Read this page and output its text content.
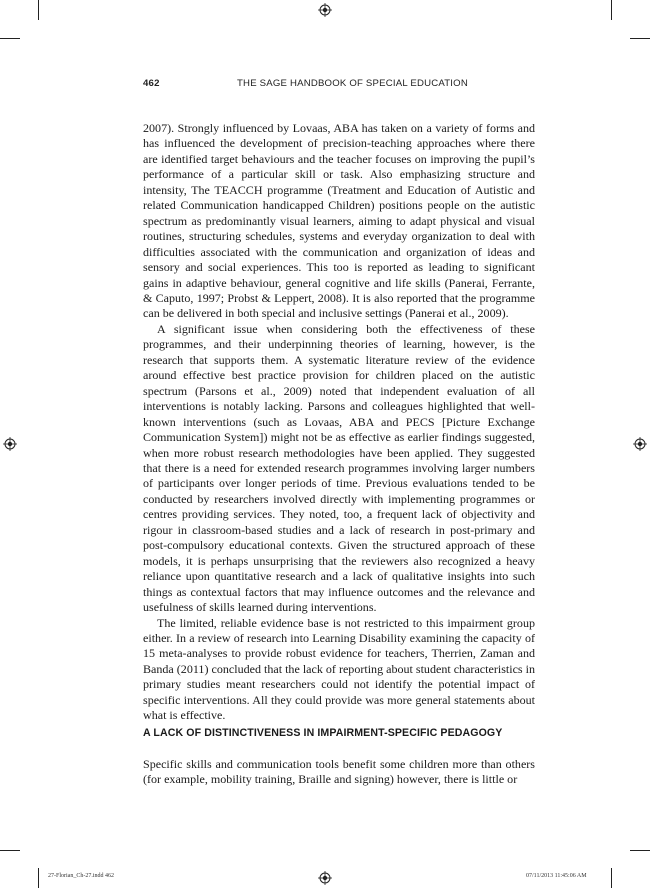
462	THE SAGE HANDBOOK OF SPECIAL EDUCATION

2007). Strongly influenced by Lovaas, ABA has taken on a variety of forms and has influenced the development of precision-teaching approaches where there are identified target behaviours and the teacher focuses on improving the pupil’s performance of a particular skill or task. Also emphasizing structure and intensity, The TEACCH programme (Treatment and Education of Autistic and related Communication handicapped Children) positions people on the autistic spectrum as predominantly visual learners, aiming to adapt physical and visual routines, structuring schedules, systems and everyday organization to deal with difficulties associated with the communication and organization of ideas and sensory and social experiences. This too is reported as leading to significant gains in adaptive behaviour, general cognitive and life skills (Panerai, Ferrante, & Caputo, 1997; Probst & Leppert, 2008). It is also reported that the programme can be delivered in both special and inclusive settings (Panerai et al., 2009).

A significant issue when considering both the effectiveness of these programmes, and their underpinning theories of learning, however, is the research that supports them. A systematic literature review of the evidence around effective best practice provision for children placed on the autistic spectrum (Parsons et al., 2009) noted that independent evaluation of all interventions is notably lacking. Parsons and colleagues highlighted that well-known interventions (such as Lovaas, ABA and PECS [Picture Exchange Communication System]) might not be as effective as earlier findings suggested, when more robust research methodologies have been applied. They suggested that there is a need for extended research programmes involving larger numbers of participants over longer periods of time. Previous evaluations tended to be conducted by researchers involved directly with implementing programmes or centres providing services. They noted, too, a frequent lack of objectivity and rigour in classroom-based studies and a lack of research in post-primary and post-compulsory educational contexts. Given the structured approach of these models, it is perhaps unsurprising that the reviewers also recognized a heavy reliance upon quantitative research and a lack of qualitative insights into such things as contextual factors that may influence outcomes and the relevance and usefulness of skills learned during interventions.

The limited, reliable evidence base is not restricted to this impairment group either. In a review of research into Learning Disability examining the capacity of 15 meta-analyses to provide robust evidence for teachers, Therrien, Zaman and Banda (2011) concluded that the lack of reporting about student characteristics in primary studies meant researchers could not identify the potential impact of specific interventions. All they could provide was more general statements about what is effective.

A LACK OF DISTINCTIVENESS IN IMPAIRMENT-SPECIFIC PEDAGOGY

Specific skills and communication tools benefit some children more than others (for example, mobility training, Braille and signing) however, there is little or

27-Florian_Ch-27.indd 462	07/11/2013 11:45:06 AM
